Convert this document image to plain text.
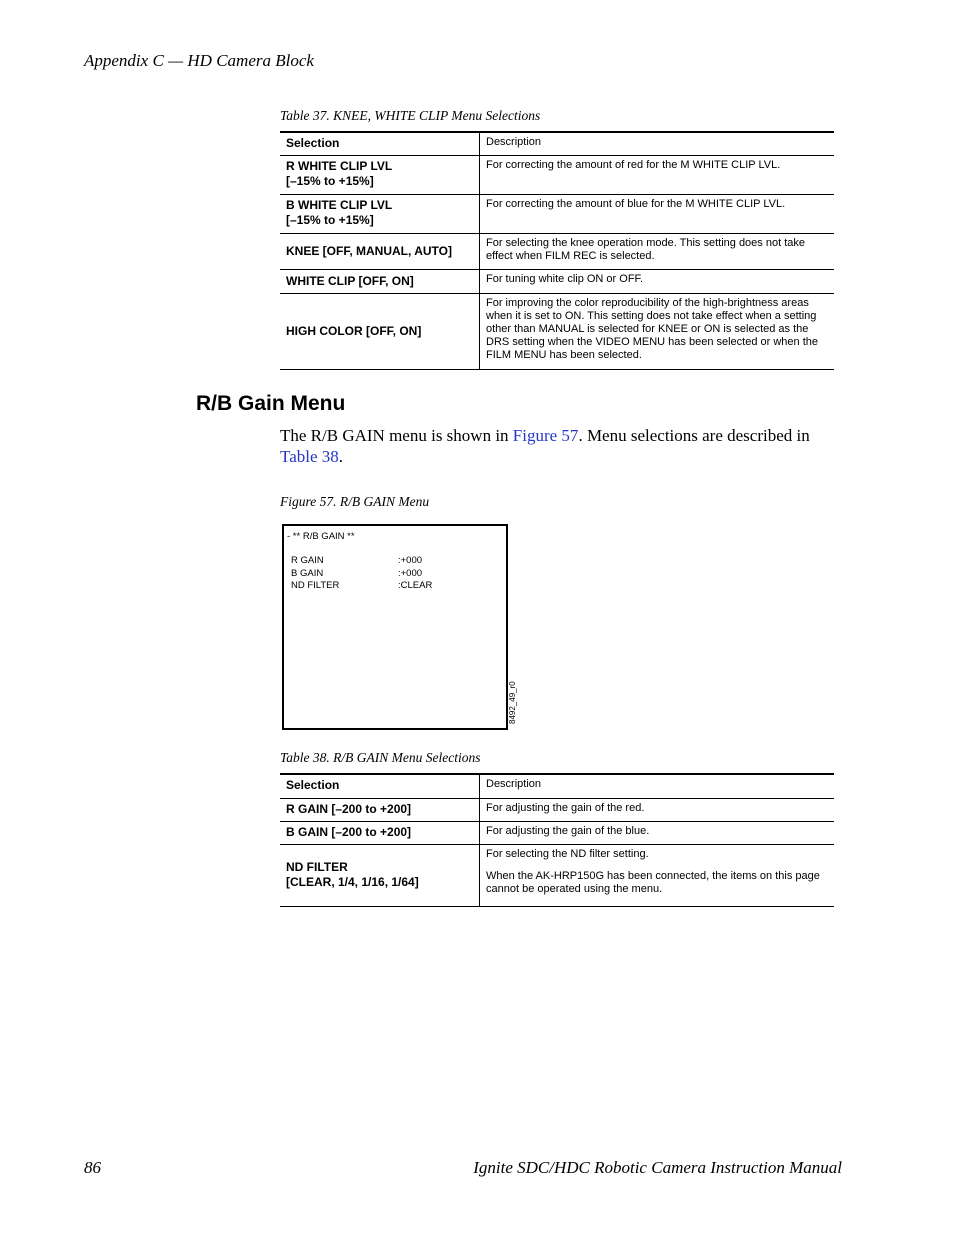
Appendix C — HD Camera Block
Table 37. KNEE, WHITE CLIP Menu Selections
Selection	Description
R WHITE CLIP LVL
[–15% to +15%]	For correcting the amount of red for the M WHITE CLIP LVL.
B WHITE CLIP LVL
[–15% to +15%]	For correcting the amount of blue for the M WHITE CLIP LVL.
KNEE [OFF, MANUAL, AUTO]	For selecting the knee operation mode. This setting does not take effect when FILM REC is selected.
WHITE CLIP [OFF, ON]	For tuning white clip ON or OFF.
HIGH COLOR [OFF, ON]	For improving the color reproducibility of the high-brightness areas when it is set to ON. This setting does not take effect when a setting other than MANUAL is selected for KNEE or ON is selected as the DRS setting when the VIDEO MENU has been selected or when the FILM MENU has been selected.
R/B Gain Menu
The R/B GAIN menu is shown in Figure 57. Menu selections are described in Table 38.
Figure 57. R/B GAIN Menu
- ** R/B GAIN **
R GAIN	:+000
B GAIN	:+000
ND FILTER	:CLEAR
8492_49_r0
Table 38. R/B GAIN Menu Selections
Selection	Description
R GAIN [–200 to +200]	For adjusting the gain of the red.
B GAIN [–200 to +200]	For adjusting the gain of the blue.
ND FILTER
[CLEAR, 1/4, 1/16, 1/64]	For selecting the ND filter setting.
When the AK-HRP150G has been connected, the items on this page cannot be operated using the menu.
86	Ignite SDC/HDC Robotic Camera Instruction Manual
